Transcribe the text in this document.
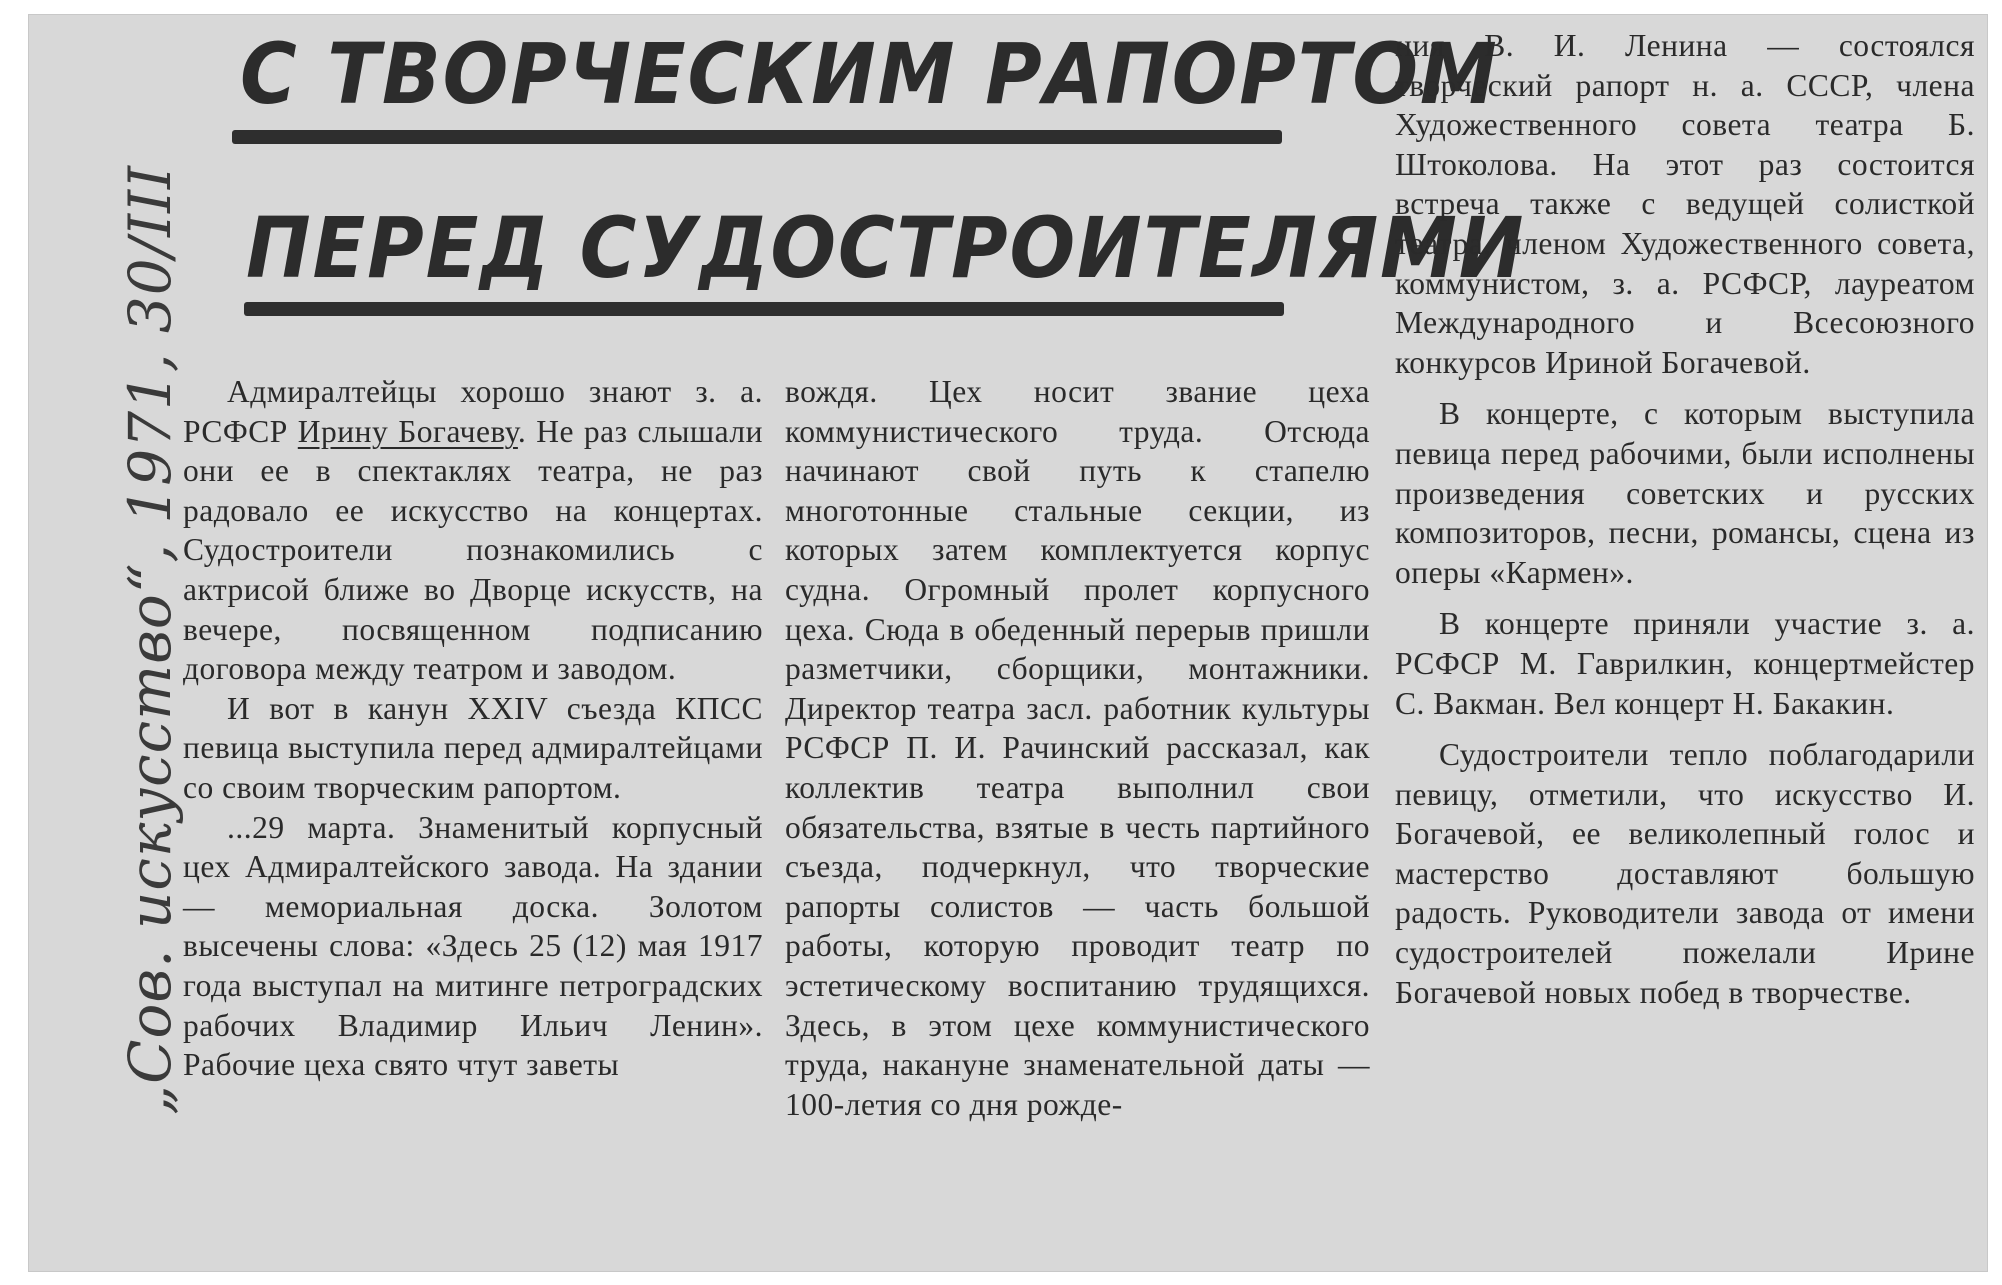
„Сов. искусство“, 1971, 30/III
С ТВОРЧЕСКИМ РАПОРТОМ
ПЕРЕД СУДОСТРОИТЕЛЯМИ

Адмиралтейцы хорошо знают з. а. РСФСР Ирину Богачеву. Не раз слышали они ее в спектаклях театра, не раз радовало ее искусство на концертах. Судостроители познакомились с актрисой ближе во Дворце искусств, на вечере, посвященном подписанию договора между театром и заводом.

И вот в канун XXIV съезда КПСС певица выступила перед адмиралтейцами со своим творческим рапортом.

...29 марта. Знаменитый корпусный цех Адмиралтейского завода. На здании — мемориальная доска. Золотом высечены слова: «Здесь 25 (12) мая 1917 года выступал на митинге петроградских рабочих Владимир Ильич Ленин». Рабочие цеха свято чтут заветы

вождя. Цех носит звание цеха коммунистического труда. Отсюда начинают свой путь к стапелю многотонные стальные секции, из которых затем комплектуется корпус судна. Огромный пролет корпусного цеха. Сюда в обеденный перерыв пришли разметчики, сборщики, монтажники. Директор театра засл. работник культуры РСФСР П. И. Рачинский рассказал, как коллектив театра выполнил свои обязательства, взятые в честь партийного съезда, подчеркнул, что творческие рапорты солистов — часть большой работы, которую проводит театр по эстетическому воспитанию трудящихся. Здесь, в этом цехе коммунистического труда, накануне знаменательной даты — 100-летия со дня рожде-

ния В. И. Ленина — состоялся творческий рапорт н. а. СССР, члена Художественного совета театра Б. Штоколова. На этот раз состоится встреча также с ведущей солисткой театра, членом Художественного совета, коммунистом, з. а. РСФСР, лауреатом Международного и Всесоюзного конкурсов Ириной Богачевой.

В концерте, с которым выступила певица перед рабочими, были исполнены произведения советских и русских композиторов, песни, романсы, сцена из оперы «Кармен».

В концерте приняли участие з. а. РСФСР М. Гаврилкин, концертмейстер С. Вакман. Вел концерт Н. Бакакин.

Судостроители тепло поблагодарили певицу, отметили, что искусство И. Богачевой, ее великолепный голос и мастерство доставляют большую радость. Руководители завода от имени судостроителей пожелали Ирине Богачевой новых побед в творчестве.
